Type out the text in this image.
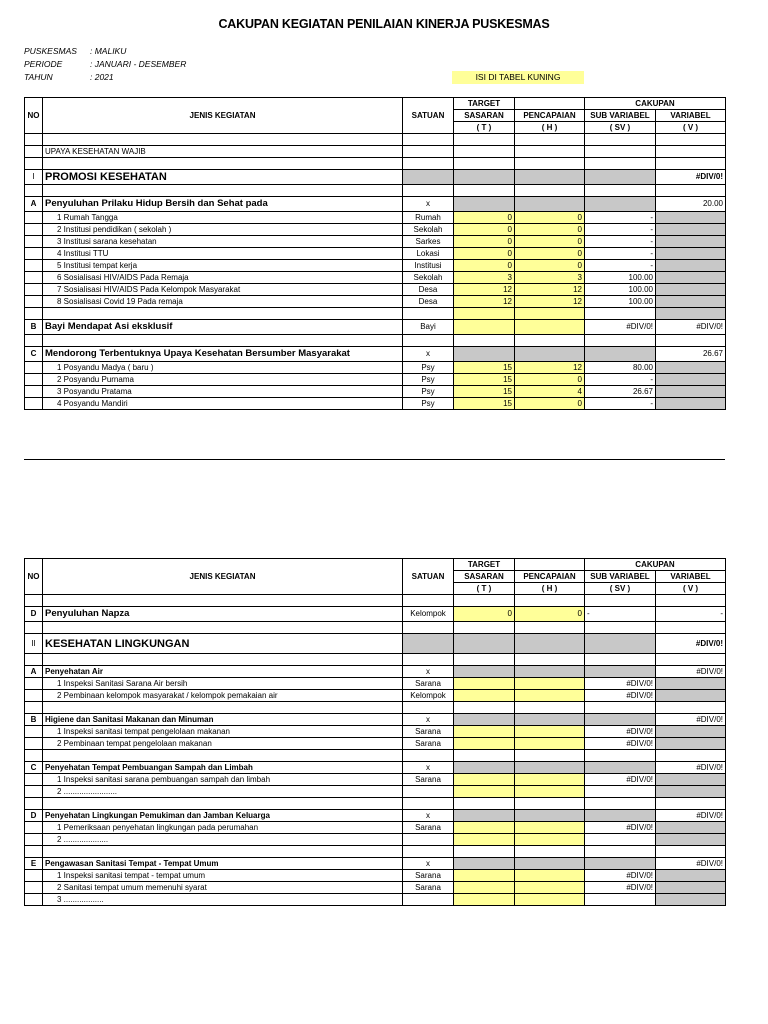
CAKUPAN KEGIATAN PENILAIAN KINERJA PUSKESMAS
PUSKESMAS : MALIKU
PERIODE	: JANUARI - DESEMBER
TAHUN	: 2021	ISI DI TABEL KUNING
NO	JENIS KEGIATAN	SATUAN	TARGET		CAKUPAN	
			SASARAN	PENCAPAIAN	SUB VARIABEL	VARIABEL
			( T )	( H )	( SV )	( V )

	UPAYA KESEHATAN WAJIB					

I	PROMOSI KESEHATAN					#DIV/0!

A	Penyuluhan Prilaku Hidup Bersih dan Sehat pada	x				20.00
	1 Rumah Tangga	Rumah	0	0	-	
	2 Institusi pendidikan ( sekolah )	Sekolah	0	0	-	
	3 Institusi sarana kesehatan	Sarkes	0	0	-	
	4 Institusi TTU	Lokasi	0	0	-	
	5 Institusi tempat kerja	Institusi	0	0	-	
	6 Sosialisasi HIV/AIDS Pada Remaja	Sekolah	3	3	100.00	
	7 Sosialisasi HIV/AIDS Pada Kelompok Masyarakat	Desa	12	12	100.00	
	8 Sosialisasi Covid 19 Pada remaja	Desa	12	12	100.00	

B	Bayi Mendapat Asi eksklusif	Bayi			#DIV/0!	#DIV/0!

C	Mendorong Terbentuknya Upaya Kesehatan Bersumber Masyarakat	x				26.67
	1 Posyandu Madya ( baru )	Psy	15	12	80.00	
	2 Posyandu Purnama	Psy	15	0	-	
	3 Posyandu Pratama	Psy	15	4	26.67	
	4 Posyandu Mandiri	Psy	15	0	-	
NO	JENIS KEGIATAN	SATUAN	TARGET		CAKUPAN	
			SASARAN	PENCAPAIAN	SUB VARIABEL	VARIABEL
			( T )	( H )	( SV )	( V )

D	Penyuluhan Napza	Kelompok	0	0	-	-

II	KESEHATAN LINGKUNGAN					#DIV/0!

A	Penyehatan Air	x				#DIV/0!
	1 Inspeksi Sanitasi Sarana Air bersih	Sarana			#DIV/0!	
	2 Pembinaan kelompok masyarakat / kelompok pemakaian air	Kelompok			#DIV/0!	

B	Higiene dan Sanitasi Makanan dan Minuman	x				#DIV/0!
	1 Inspeksi sanitasi tempat pengelolaan makanan	Sarana			#DIV/0!	
	2 Pembinaan tempat pengelolaan makanan	Sarana			#DIV/0!	

C	Penyehatan Tempat Pembuangan Sampah dan Limbah	x				#DIV/0!
	1 Inspeksi sanitasi sarana pembuangan sampah dan limbah	Sarana			#DIV/0!	
	2 ........................					

D	Penyehatan Lingkungan Pemukiman dan Jamban Keluarga	x				#DIV/0!
	1 Pemeriksaan penyehatan lingkungan pada perumahan	Sarana			#DIV/0!	
	2 ....................					

E	Pengawasan Sanitasi Tempat - Tempat Umum	x				#DIV/0!
	1 Inspeksi sanitasi tempat - tempat umum	Sarana			#DIV/0!	
	2 Sanitasi tempat umum memenuhi syarat	Sarana			#DIV/0!	
	3 ..................					
